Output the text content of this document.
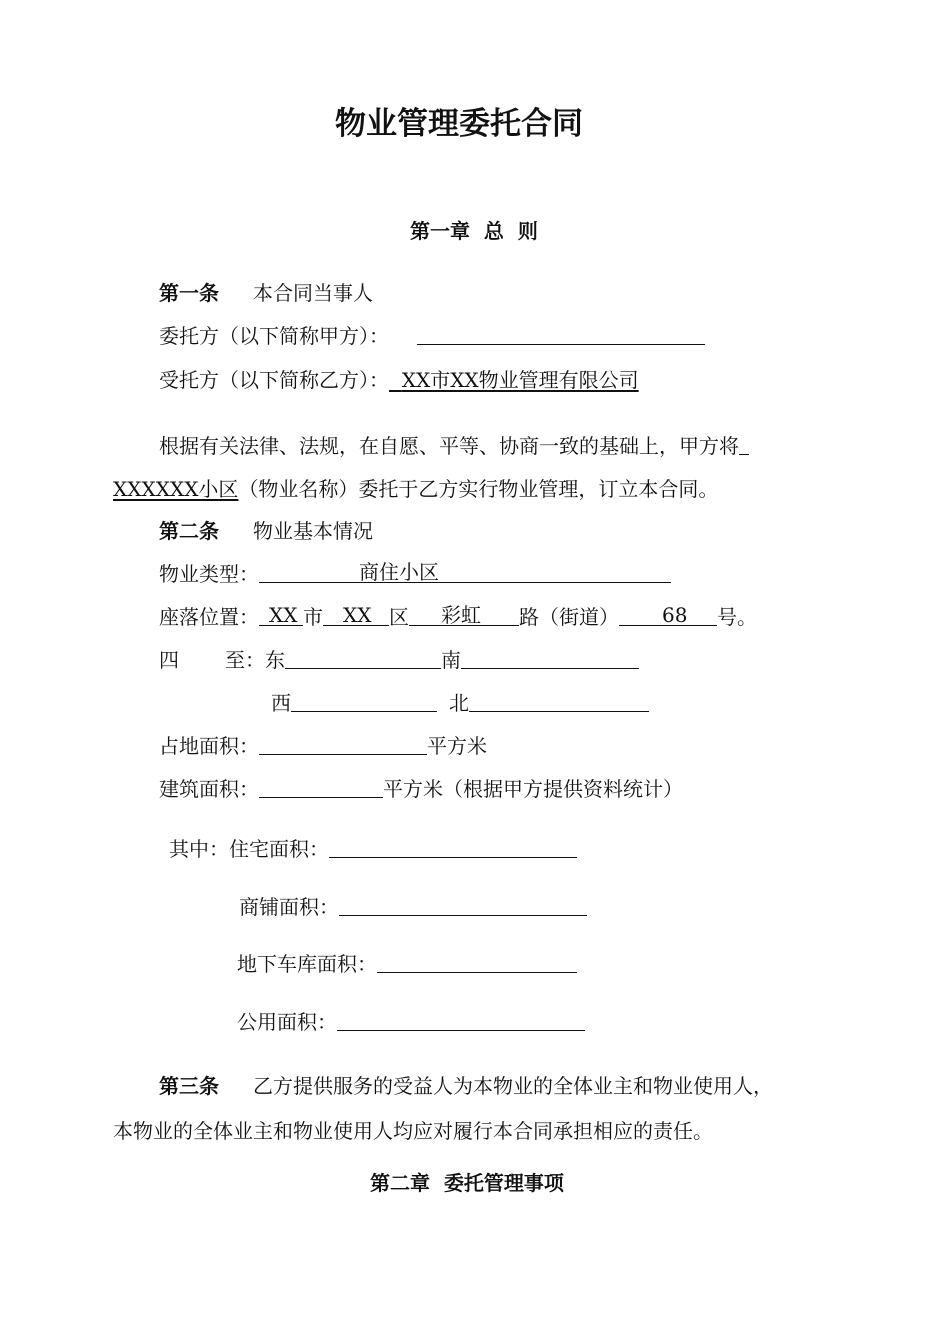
物业管理委托合同
第一章  总  则
第一条 本合同当事人
委托方（以下简称甲方）：
受托方（以下简称乙方）： XX市XX物业管理有限公司
根据有关法律、法规，在自愿、平等、协商一致的基础上，甲方将
XXXXXX小区（物业名称）委托于乙方实行物业管理，订立本合同。
第二条 物业基本情况
物业类型：	商住小区
座落位置： XX 市 XX 区 彩虹 路（街道） 68 号。
四 至：东	南
西	北
占地面积：	平方米
建筑面积：	平方米（根据甲方提供资料统计）
其中：住宅面积：
商铺面积：
地下车库面积：
公用面积：
第三条 乙方提供服务的受益人为本物业的全体业主和物业使用人，
本物业的全体业主和物业使用人均应对履行本合同承担相应的责任。
第二章  委托管理事项
